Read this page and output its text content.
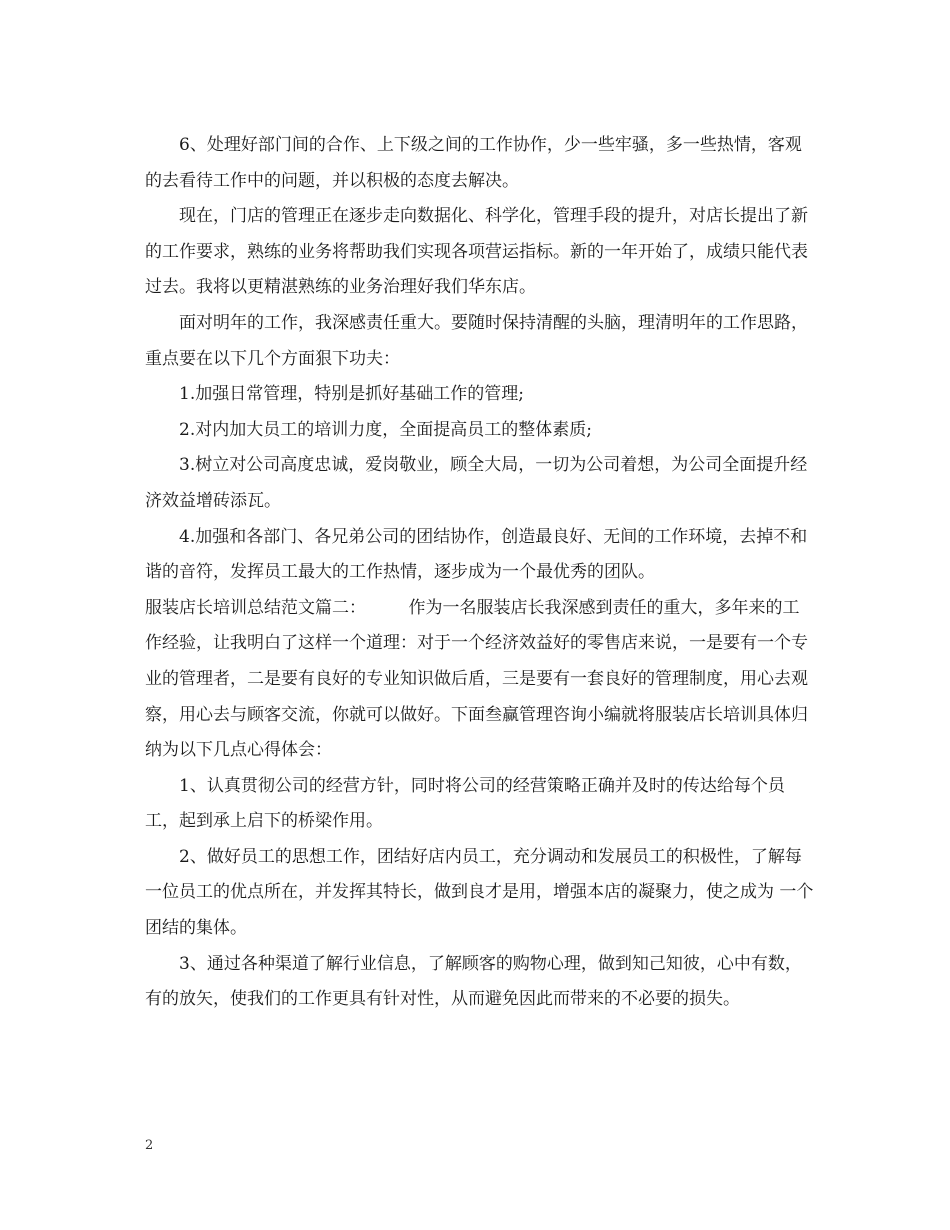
6、处理好部门间的合作、上下级之间的工作协作，少一些牢骚，多一些热情，客观的去看待工作中的问题，并以积极的态度去解决。

现在，门店的管理正在逐步走向数据化、科学化，管理手段的提升，对店长提出了新的工作要求，熟练的业务将帮助我们实现各项营运指标。新的一年开始了，成绩只能代表过去。我将以更精湛熟练的业务治理好我们华东店。

面对明年的工作，我深感责任重大。要随时保持清醒的头脑，理清明年的工作思路，重点要在以下几个方面狠下功夫：

1.加强日常管理，特别是抓好基础工作的管理;

2.对内加大员工的培训力度，全面提高员工的整体素质;

3.树立对公司高度忠诚，爱岗敬业，顾全大局，一切为公司着想，为公司全面提升经济效益增砖添瓦。

4.加强和各部门、各兄弟公司的团结协作，创造最良好、无间的工作环境，去掉不和谐的音符，发挥员工最大的工作热情，逐步成为一个最优秀的团队。

服装店长培训总结范文篇二：　　　作为一名服装店长我深感到责任的重大，多年来的工作经验，让我明白了这样一个道理：对于一个经济效益好的零售店来说，一是要有一个专业的管理者，二是要有良好的专业知识做后盾，三是要有一套良好的管理制度，用心去观察，用心去与顾客交流，你就可以做好。下面叁赢管理咨询小编就将服装店长培训具体归纳为以下几点心得体会：

1、认真贯彻公司的经营方针，同时将公司的经营策略正确并及时的传达给每个员工，起到承上启下的桥梁作用。

2、做好员工的思想工作，团结好店内员工，充分调动和发展员工的积极性，了解每一位员工的优点所在，并发挥其特长，做到良才是用，增强本店的凝聚力，使之成为 一个团结的集体。

3、通过各种渠道了解行业信息，了解顾客的购物心理，做到知己知彼，心中有数，有的放矢，使我们的工作更具有针对性，从而避免因此而带来的不必要的损失。

2
